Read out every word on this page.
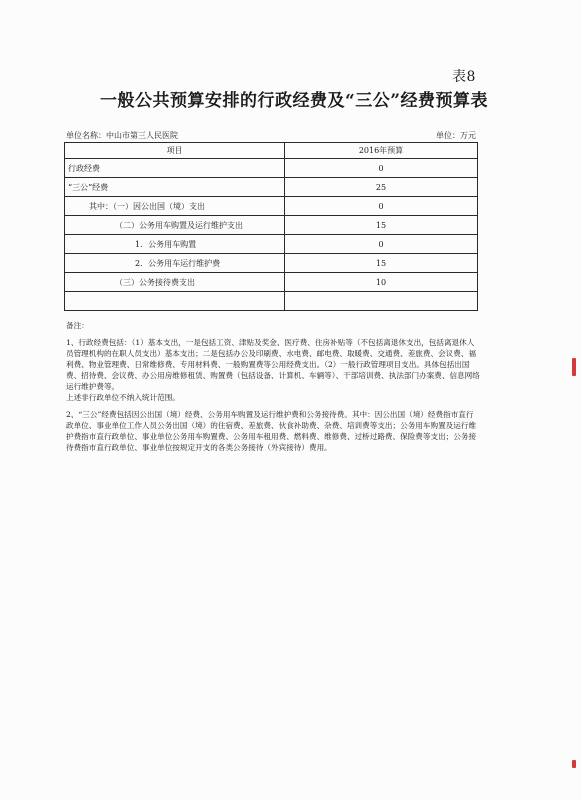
表8
一般公共预算安排的行政经费及“三公”经费预算表
单位名称：中山市第三人民医院	单位：万元
项目	2016年预算
行政经费	0
“三公”经费	25
其中：（一）因公出国（境）支出	0
（二）公务用车购置及运行维护支出	15
1．公务用车购置	0
2．公务用车运行维护费	15
（三）公务接待费支出	10

备注：

1、行政经费包括：（1）基本支出，一是包括工资、津贴及奖金、医疗费、住房补贴等（不包括离退休支出，包括离退休人员管理机构的在职人员支出）基本支出；二是包括办公及印刷费、水电费、邮电费、取暖费、交通费、差旅费、会议费、福利费、物业管理费、日常维修费、专用材料费、一般购置费等公用经费支出。（2）一般行政管理项目支出。具体包括出国费、招待费、会议费、办公用房维修租赁、购置费（包括设备、计算机、车辆等）、干部培训费、执法部门办案费、信息网络运行维护费等。

上述非行政单位不纳入统计范围。

2、“三公”经费包括因公出国（境）经费、公务用车购置及运行维护费和公务接待费。其中：因公出国（境）经费指市直行政单位、事业单位工作人员公务出国（境）的住宿费、差旅费、伙食补助费、杂费、培训费等支出；公务用车购置及运行维护费指市直行政单位、事业单位公务用车购置费、公务用车租用费、燃料费、维修费、过桥过路费、保险费等支出；公务接待费指市直行政单位、事业单位按规定开支的各类公务接待（外宾接待）费用。
